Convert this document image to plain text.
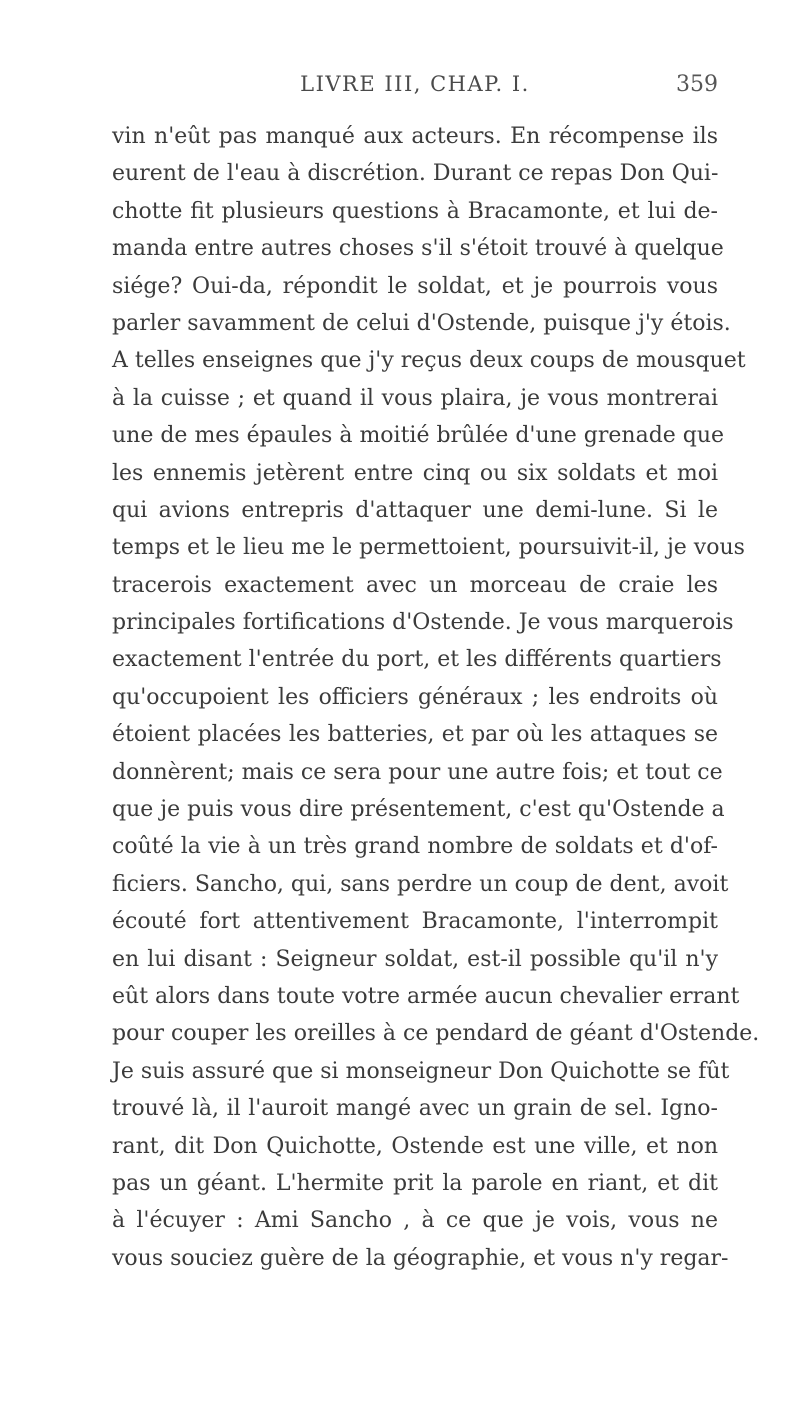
LIVRE III, CHAP. I.	359
vin n'eût pas manqué aux acteurs. En récompense ils
eurent de l'eau à discrétion. Durant ce repas Don Qui-
chotte fit plusieurs questions à Bracamonte, et lui de-
manda entre autres choses s'il s'étoit trouvé à quelque
siége? Oui-da, répondit le soldat, et je pourrois vous
parler savamment de celui d'Ostende, puisque j'y étois.
A telles enseignes que j'y reçus deux coups de mousquet
à la cuisse ; et quand il vous plaira, je vous montrerai
une de mes épaules à moitié brûlée d'une grenade que
les ennemis jetèrent entre cinq ou six soldats et moi
qui avions entrepris d'attaquer une demi-lune. Si le
temps et le lieu me le permettoient, poursuivit-il, je vous
tracerois exactement avec un morceau de craie les
principales fortifications d'Ostende. Je vous marquerois
exactement l'entrée du port, et les différents quartiers
qu'occupoient les officiers généraux ; les endroits où
étoient placées les batteries, et par où les attaques se
donnèrent; mais ce sera pour une autre fois; et tout ce
que je puis vous dire présentement, c'est qu'Ostende a
coûté la vie à un très grand nombre de soldats et d'of-
ficiers. Sancho, qui, sans perdre un coup de dent, avoit
écouté fort attentivement Bracamonte, l'interrompit
en lui disant : Seigneur soldat, est-il possible qu'il n'y
eût alors dans toute votre armée aucun chevalier errant
pour couper les oreilles à ce pendard de géant d'Ostende.
Je suis assuré que si monseigneur Don Quichotte se fût
trouvé là, il l'auroit mangé avec un grain de sel. Igno-
rant, dit Don Quichotte, Ostende est une ville, et non
pas un géant. L'hermite prit la parole en riant, et dit
à l'écuyer : Ami Sancho , à ce que je vois, vous ne
vous souciez guère de la géographie, et vous n'y regar-
